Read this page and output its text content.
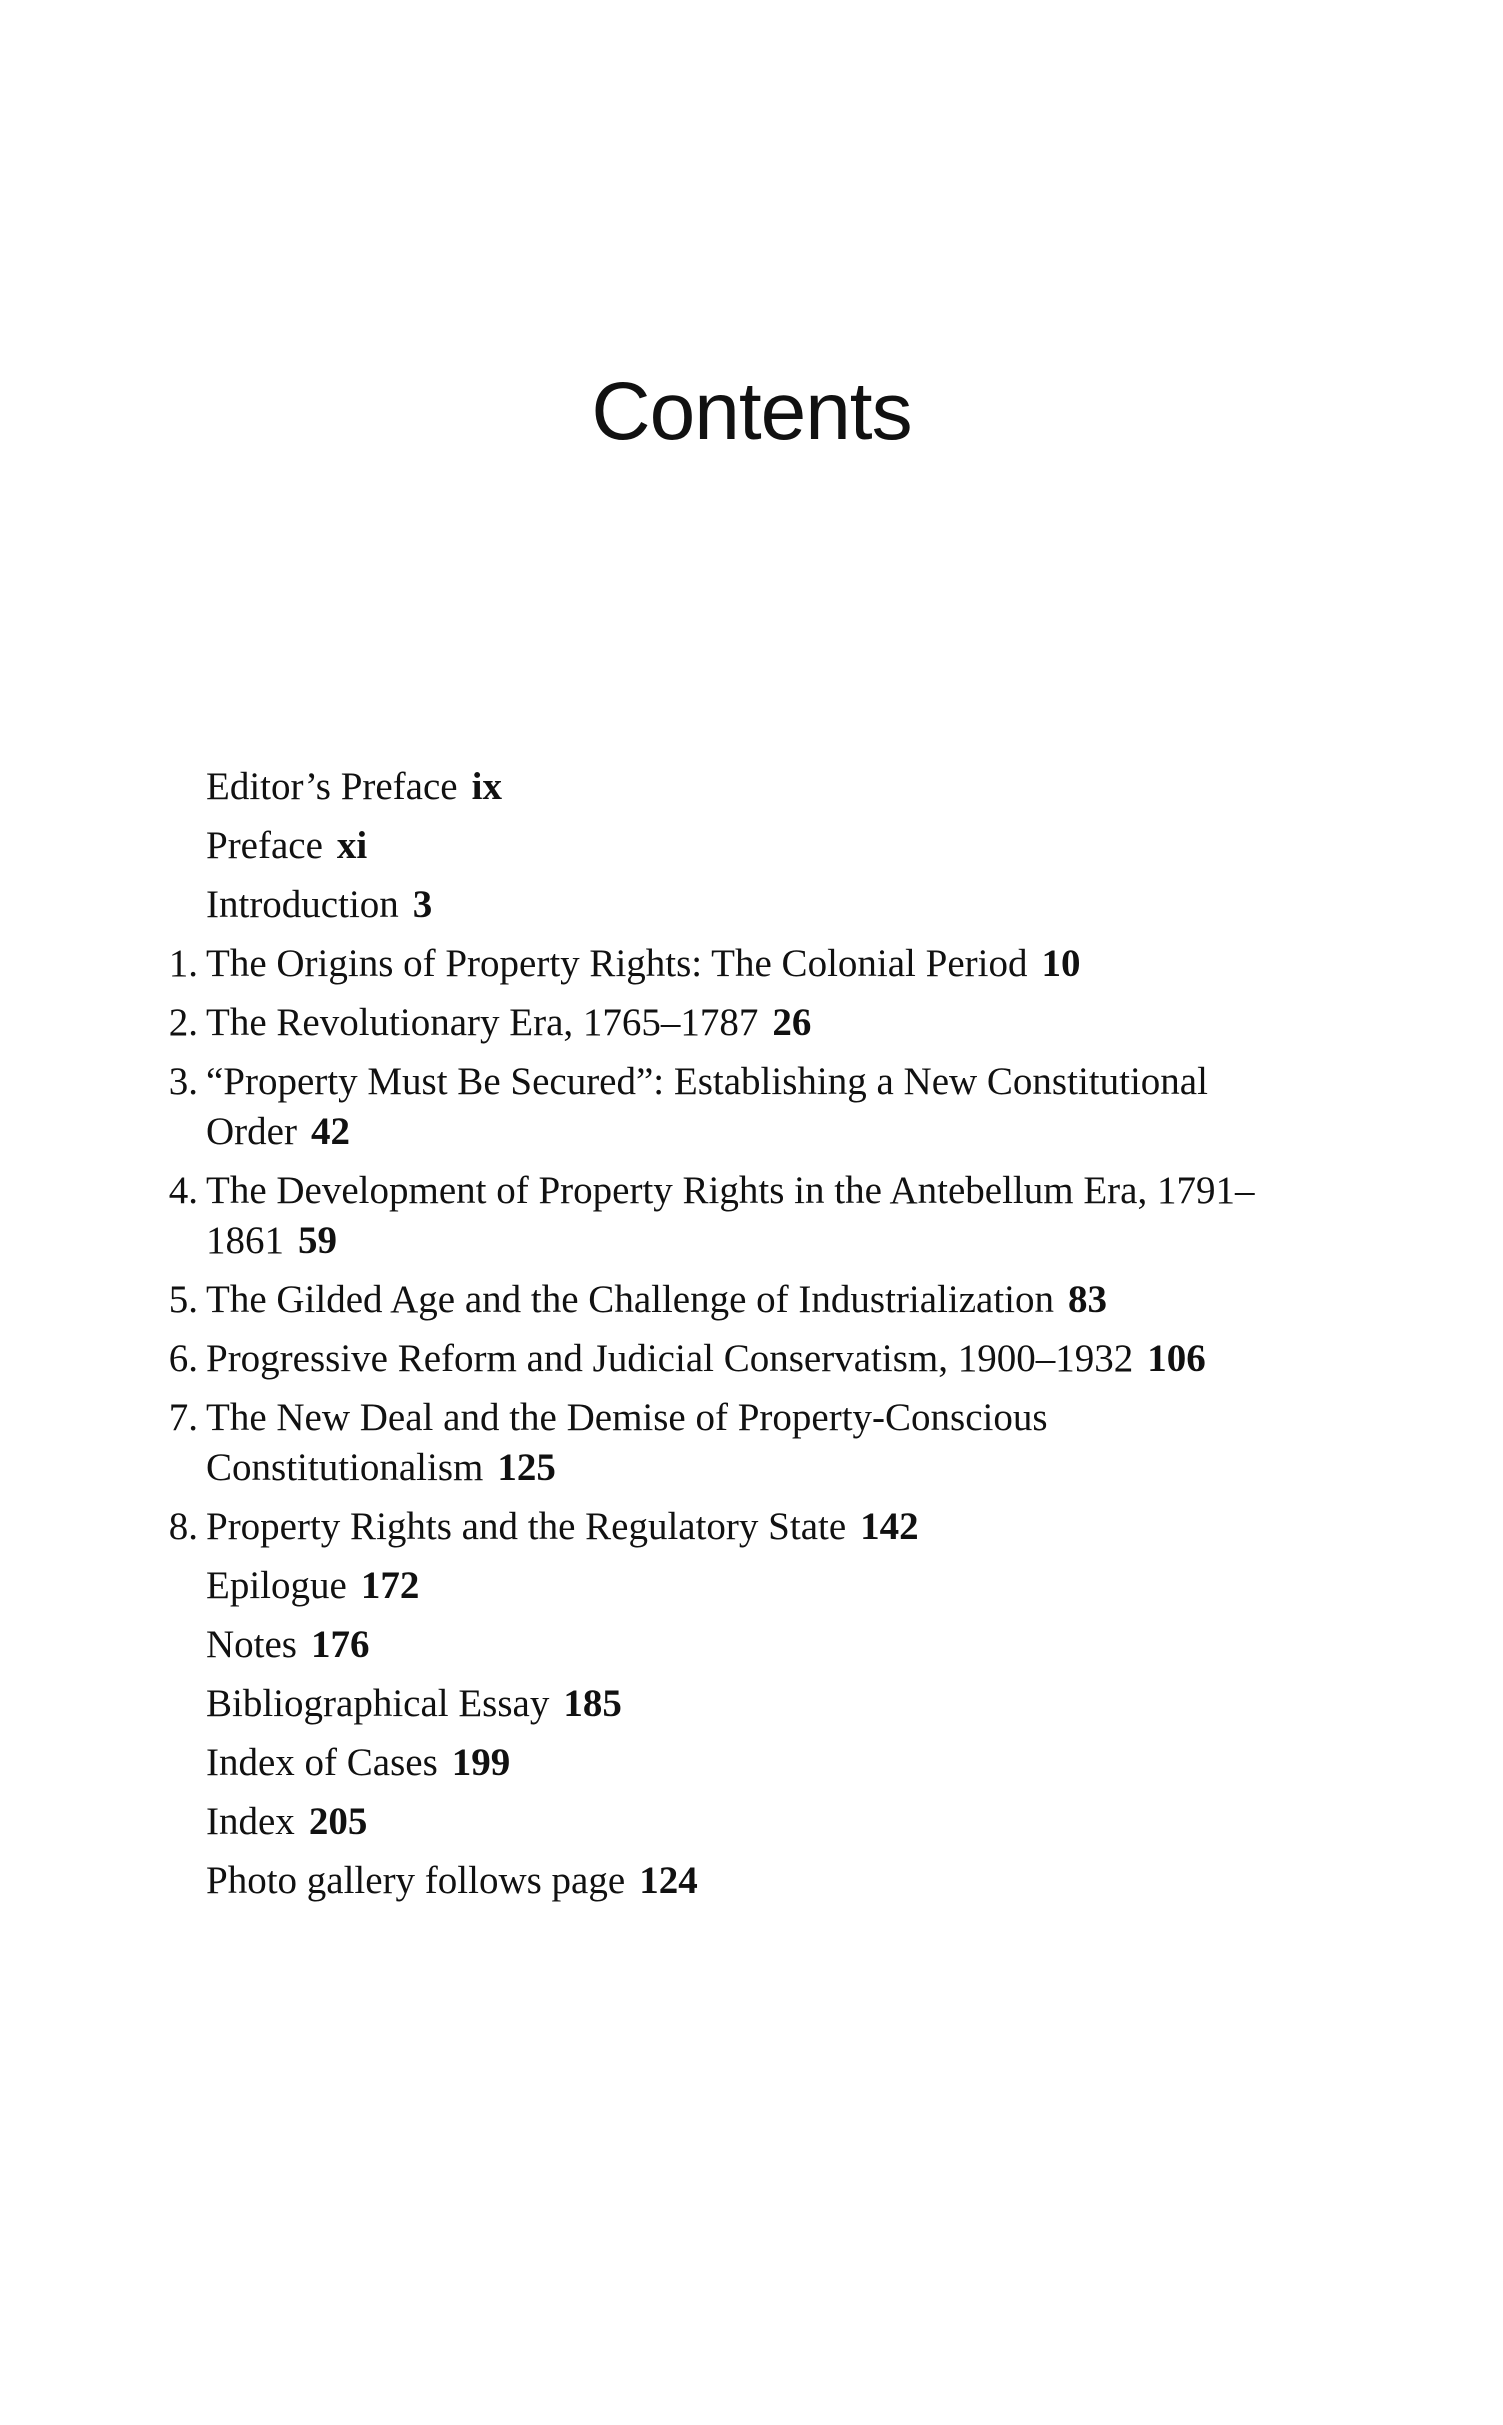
Contents
Editor’s Preface ix
Preface xi
Introduction 3
1. The Origins of Property Rights: The Colonial Period 10
2. The Revolutionary Era, 1765–1787 26
3. “Property Must Be Secured”: Establishing a New Constitutional Order 42
4. The Development of Property Rights in the Antebellum Era, 1791–1861 59
5. The Gilded Age and the Challenge of Industrialization 83
6. Progressive Reform and Judicial Conservatism, 1900–1932 106
7. The New Deal and the Demise of Property-Conscious Constitutionalism 125
8. Property Rights and the Regulatory State 142
Epilogue 172
Notes 176
Bibliographical Essay 185
Index of Cases 199
Index 205
Photo gallery follows page 124
